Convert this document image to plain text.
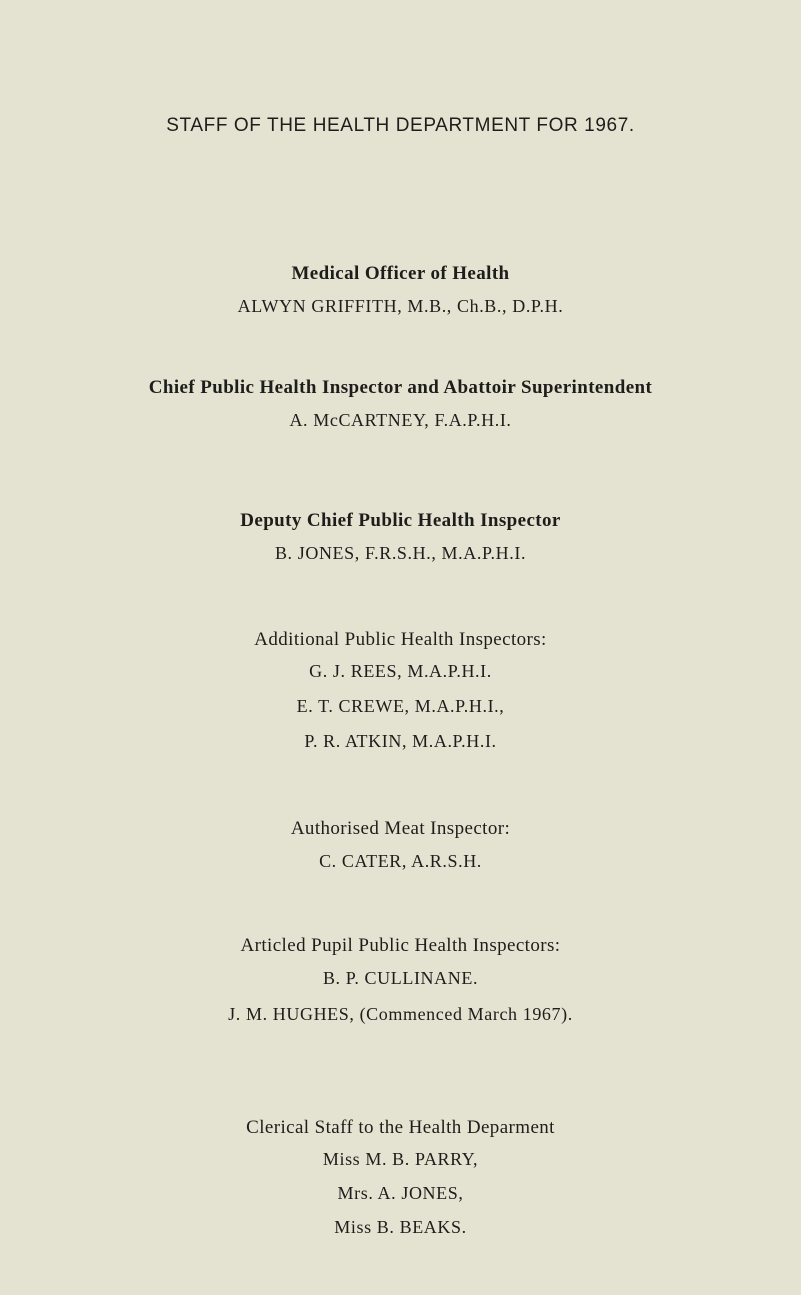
STAFF OF THE HEALTH DEPARTMENT FOR 1967.

Medical Officer of Health

ALWYN GRIFFITH, M.B., Ch.B., D.P.H.

Chief Public Health Inspector and Abattoir Superintendent

A. McCARTNEY, F.A.P.H.I.

Deputy Chief Public Health Inspector

B. JONES, F.R.S.H., M.A.P.H.I.

Additional Public Health Inspectors:

G. J. REES, M.A.P.H.I.

E. T. CREWE, M.A.P.H.I.,

P. R. ATKIN, M.A.P.H.I.

Authorised Meat Inspector:

C. CATER, A.R.S.H.

Articled Pupil Public Health Inspectors:

B. P. CULLINANE.

J. M. HUGHES, (Commenced March 1967).

Clerical Staff to the Health Deparment

Miss M. B. PARRY,

Mrs. A. JONES,

Miss B. BEAKS.
